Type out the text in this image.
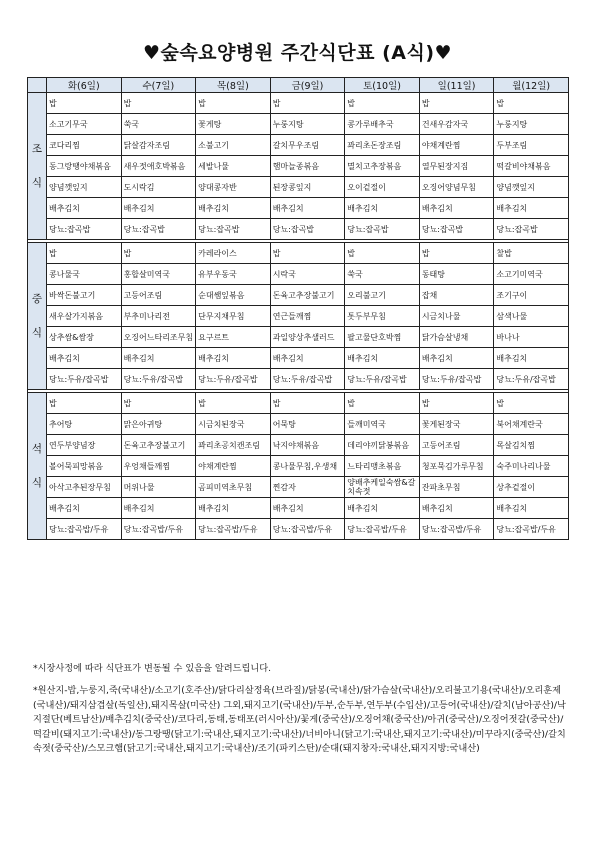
♥숲속요양병원 주간식단표 (A식)♥
	화(6일)	수(7일)	목(8일)	금(9일)	토(10일)	일(11일)	월(12일)
조

식	밥	밥	밥	밥	밥	밥	밥
	소고기무국	쑥국	꽃게탕	누룽지탕	콩가루배추국	건새우감자국	누룽지탕
	코다리찜	닭살감자조림	소불고기	갈치무우조림	꽈리초돈장조림	야채계란찜	두부조림
	동그랑땡야채볶음	새우젓애호박볶음	세발나물	햄마늘종볶음	멸치고추장볶음	열무된장지짐	떡갈비야채볶음
	양념깻잎지	도시락김	양대콩자반	된장콩잎지	오이겉절이	오징어양념무침	양념깻잎지
	배추김치	배추김치	배추김치	배추김치	배추김치	배추김치	배추김치
	당뇨:잡곡밥	당뇨:잡곡밥	당뇨:잡곡밥	당뇨:잡곡밥	당뇨:잡곡밥	당뇨:잡곡밥	당뇨:잡곡밥

중

식	밥	밥	카레라이스	밥	밥	밥	찰밥
	콩나물국	홍합살미역국	유부우동국	시락국	쑥국	동태탕	소고기미역국
	바싹돈불고기	고등어조림	순대쌤잎볶음	돈육고추장불고기	오리불고기	잡채	조기구이
	새우살가지볶음	부추미나리전	단무지채무침	연근들깨찜	톳두부무침	시금치나물	삼색나물
	상추쌈&쌈장	오징어느타리조무침	요구르트	과일양상추샐러드	팔고물단호박찜	닭가슴살냉채	바나나
	배추김치	배추김치	배추김치	배추김치	배추김치	배추김치	배추김치
	당뇨:두유/잡곡밥	당뇨:두유/잡곡밥	당뇨:두유/잡곡밥	당뇨:두유/잡곡밥	당뇨:두유/잡곡밥	당뇨:두유/잡곡밥	당뇨:두유/잡곡밥

석

식	밥	밥	밥	밥	밥	밥	밥
	추어탕	맑은아귀탕	시금치된장국	어묵탕	들깨미역국	꽃게된장국	북어채계란국
	연두부양념장	돈육고추장불고기	꽈리초공치캔조림	낙지야채볶음	데리야끼닭봉볶음	고등어조림	목살김치찜
	볼어묵피망볶음	우엉채들깨찜	야채계란찜	콩나물무침,우생채	느타리맹초볶음	청포묵김가루무침	숙주미나리나물
	아삭고추된장무침	머위나물	곰피미역초무침	찐감자	양배추케일숙쌈&갈치속젓	잔파초무침	상추겉절이
	배추김치	배추김치	배추김치	배추김치	배추김치	배추김치	배추김치
	당뇨:잡곡밥/두유	당뇨:잡곡밥/두유	당뇨:잡곡밥/두유	당뇨:잡곡밥/두유	당뇨:잡곡밥/두유	당뇨:잡곡밥/두유	당뇨:잡곡밥/두유
*시장사정에 따라 식단표가 변동될 수 있음을 알려드립니다.
*원산지-밥,누룽지,죽(국내산)/소고기(호주산)/닭다리살정육(브라질)/닭봉(국내산)/닭가슴살(국내산)/오리불고기용(국내산)/오리훈제(국내산)/돼지삼겹살(독일산),돼지목살(미국산) 그외,돼지고기(국내산)/두부,순두부,연두부(수입산)/고등어(국내산)/갈치(남아공산)/낙지절단(베트남산)/배추김치(중국산)/코다리,동태,동태포(러시아산)/꽃게(중국산)/오징어채(중국산)/아귀(중국산)/오징어젓갈(중국산)/떡갈비(돼지고기:국내산)/동그랑땡(닭고기:국내산,돼지고기:국내산)/너비아니(닭고기:국내산,돼지고기:국내산)/미꾸라지(중국산)/갈치속젓(중국산)/스모크햄(닭고기:국내산,돼지고기:국내산)/조기(파키스탄)/순대(돼지창자:국내산,돼지지방:국내산)
